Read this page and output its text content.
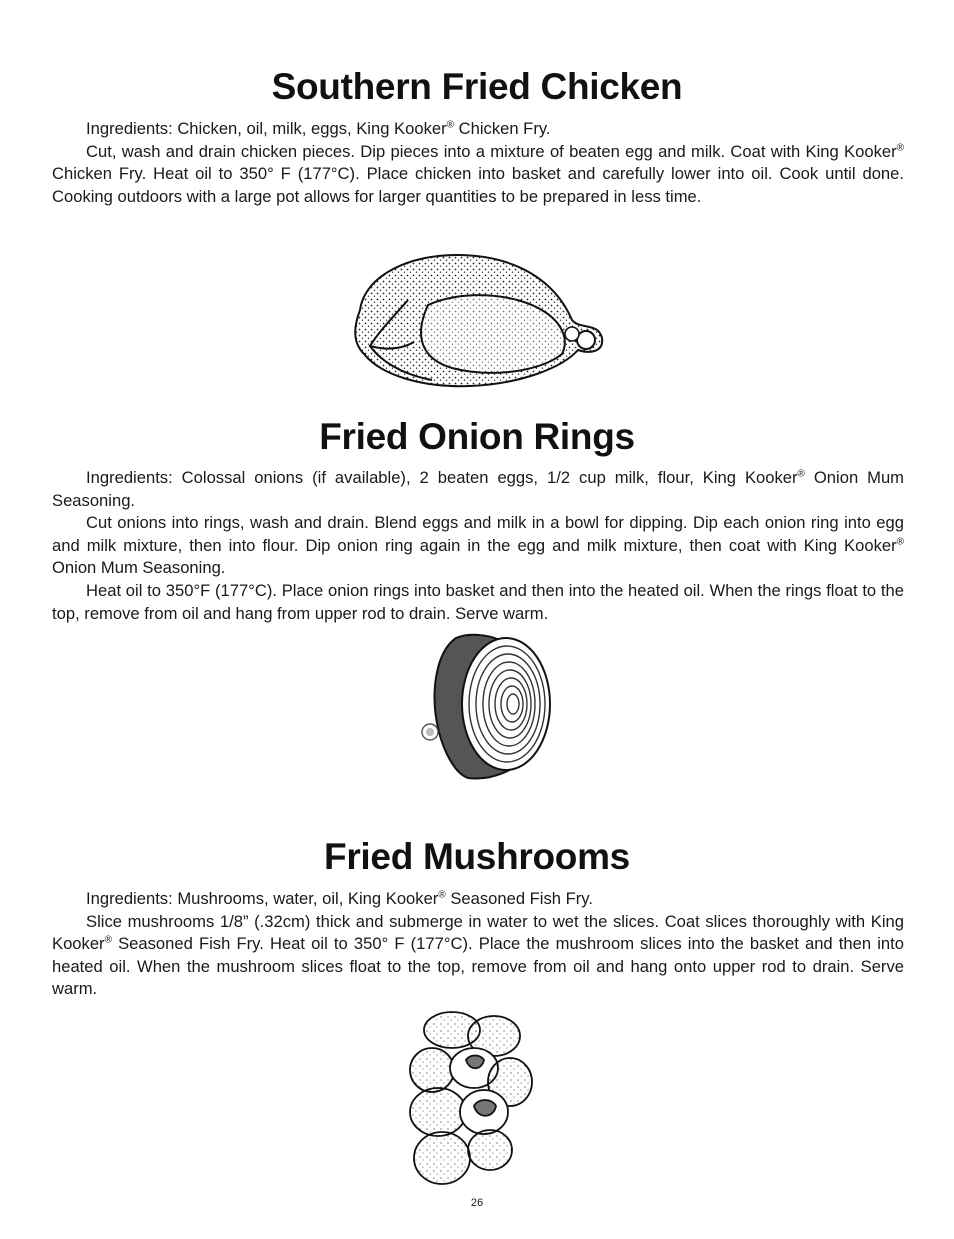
Southern Fried Chicken

Ingredients: Chicken, oil, milk, eggs, King Kooker® Chicken Fry.

Cut, wash and drain chicken pieces. Dip pieces into a mixture of beaten egg and milk. Coat with King Kooker® Chicken Fry. Heat oil to 350° F (177°C). Place chicken into basket and carefully lower into oil. Cook until done. Cooking outdoors with a large pot allows for larger quantities to be prepared in less time.

Fried Onion Rings

Ingredients: Colossal onions (if available), 2 beaten eggs, 1/2 cup milk, flour, King Kooker® Onion Mum Seasoning.

Cut onions into rings, wash and drain. Blend eggs and milk in a bowl for dipping. Dip each onion ring into egg and milk mixture, then into flour. Dip onion ring again in the egg and milk mixture, then coat with King Kooker® Onion Mum Seasoning.

Heat oil to 350°F (177°C). Place onion rings into basket and then into the heated oil. When the rings float to the top, remove from oil and hang from upper rod to drain. Serve warm.

Fried Mushrooms

Ingredients: Mushrooms, water, oil, King Kooker® Seasoned Fish Fry.

Slice mushrooms 1/8” (.32cm) thick and submerge in water to wet the slices. Coat slices thoroughly with King Kooker® Seasoned Fish Fry. Heat oil to 350° F (177°C). Place the mushroom slices into the basket and then into heated oil. When the mushroom slices float to the top, remove from oil and hang onto upper rod to drain. Serve warm.

26
